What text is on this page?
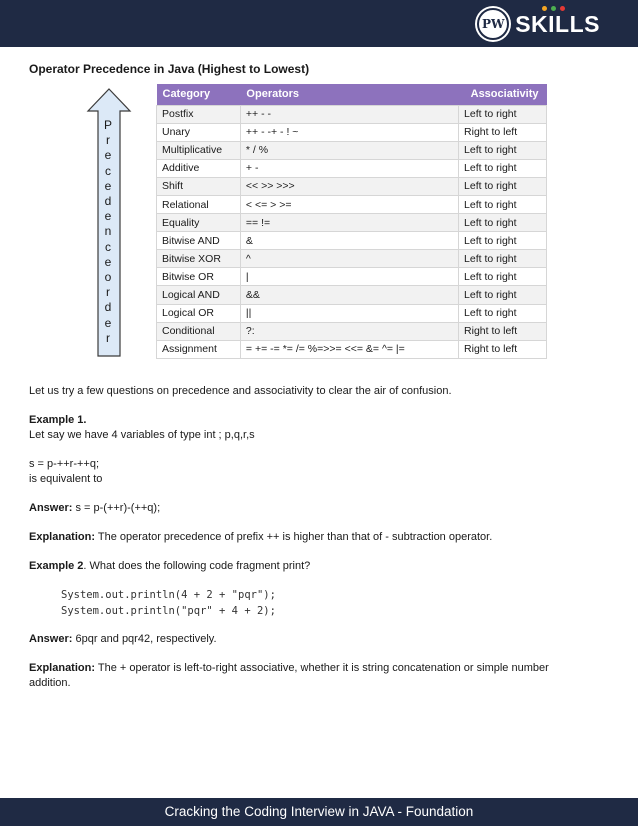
PW SKILLS
Operator Precedence in Java (Highest to Lowest)
P
r
e
c
e
d
e
n
c
e
o
r
d
e
r
Category	Operators	Associativity
Postfix	++ - -	Left to right
Unary	++ - -+ - ! ~	Right to left
Multiplicative	* / %	Left to right
Additive	+ -	Left to right
Shift	<< >> >>>	Left to right
Relational	< <= > >=	Left to right
Equality	== !=	Left to right
Bitwise AND	&	Left to right
Bitwise XOR	^	Left to right
Bitwise OR	|	Left to right
Logical AND	&&	Left to right
Logical OR	||	Left to right
Conditional	?:	Right to left
Assignment	= += -= *= /= %=>>= <<= &= ^= |=	Right to left
Let us try a few questions on precedence and associativity to clear the air of confusion.
Example 1.
Let say we have 4 variables of type int ; p,q,r,s
s = p-++r-++q;
is equivalent to
Answer: s = p-(++r)-(++q);
Explanation: The operator precedence of prefix ++ is higher than that of - subtraction operator.
Example 2. What does the following code fragment print?
System.out.println(4 + 2 + "pqr");
System.out.println("pqr" + 4 + 2);
Answer: 6pqr and pqr42, respectively.
Explanation: The + operator is left-to-right associative, whether it is string concatenation or simple number
addition.
Cracking the Coding Interview in JAVA - Foundation
